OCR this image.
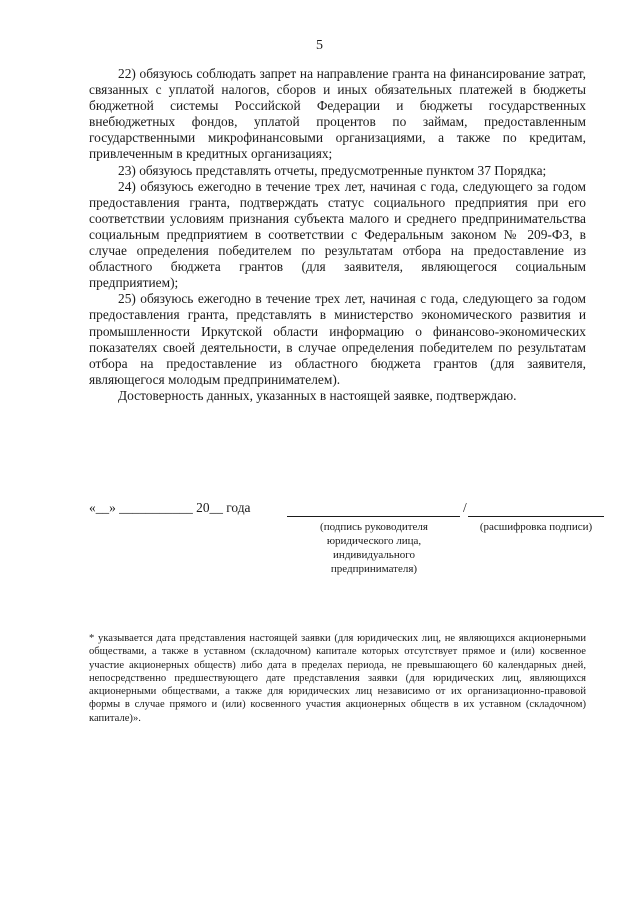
5

22) обязуюсь соблюдать запрет на направление гранта на финансирование затрат, связанных с уплатой налогов, сборов и иных обязательных платежей в бюджеты бюджетной системы Российской Федерации и бюджеты государственных внебюджетных фондов, уплатой процентов по займам, предоставленным государственными микрофинансовыми организациями, а также по кредитам, привлеченным в кредитных организациях;

23) обязуюсь представлять отчеты, предусмотренные пунктом 37 Порядка;

24) обязуюсь ежегодно в течение трех лет, начиная с года, следующего за годом предоставления гранта, подтверждать статус социального предприятия при его соответствии условиям признания субъекта малого и среднего предпринимательства социальным предприятием в соответствии с Федеральным законом № 209-ФЗ, в случае определения победителем по результатам отбора на предоставление из областного бюджета грантов (для заявителя, являющегося социальным предприятием);

25) обязуюсь ежегодно в течение трех лет, начиная с года, следующего за годом предоставления гранта, представлять в министерство экономического развития и промышленности Иркутской области информацию о финансово-экономических показателях своей деятельности, в случае определения победителем по результатам отбора на предоставление из областного бюджета грантов (для заявителя, являющегося молодым предпринимателем).

Достоверность данных, указанных в настоящей заявке, подтверждаю.

«__» ___________ 20__ года	/
(подпись руководителя юридического лица, индивидуального предпринимателя)
(расшифровка подписи)
* указывается дата представления настоящей заявки (для юридических лиц, не являющихся акционерными обществами, а также в уставном (складочном) капитале которых отсутствует прямое и (или) косвенное участие акционерных обществ) либо дата в пределах периода, не превышающего 60 календарных дней, непосредственно предшествующего дате представления заявки (для юридических лиц, являющихся акционерными обществами, а также для юридических лиц независимо от их организационно-правовой формы в случае прямого и (или) косвенного участия акционерных обществ в их уставном (складочном) капитале)».
